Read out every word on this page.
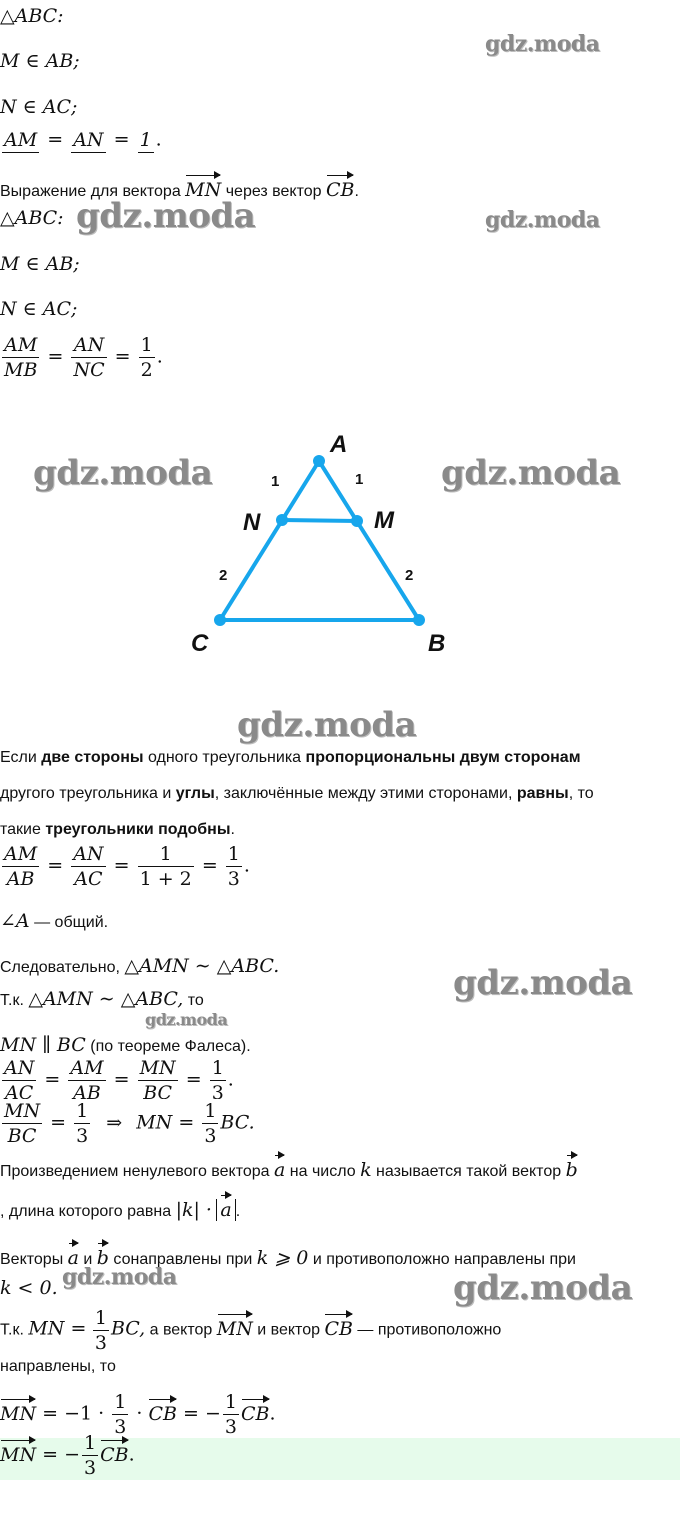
△ABC:
gdz.moda
M ∈ AB;
N ∈ AC;
AM = AN = 1 .
Выражение для вектора MN через вектор CB.
△ABC: gdz.moda	gdz.moda
M ∈ AB;
N ∈ AC;
$\frac{AM}{MB} = \frac{AN}{NC} = \frac{1}{2}$ .
gdz.moda	gdz.moda
A
B
C
M
N
1	1
2	2
gdz.moda
Если две стороны одного треугольника пропорциональны двум сторонам
другого треугольника и углы, заключённые между этими сторонами, равны, то
такие треугольники подобны.
$\frac{AM}{AB} = \frac{AN}{AC} = \frac{1}{1 + 2} = \frac{1}{3}$ .
∠A — общий.
Следовательно, △AMN ∼ △ABC.	gdz.moda
Т.к. △AMN ∼ △ABC, то
gdz.moda
MN ∥ BC (по теореме Фалеса).
$\frac{AN}{AC} = \frac{AM}{AB} = \frac{MN}{BC} = \frac{1}{3}$ .
$\frac{MN}{BC} = \frac{1}{3}$ ⇒ MN = $\frac{1}{3}$ BC.
Произведением ненулевого вектора a на число k называется такой вектор b
, длина которого равна |k| · a .
Векторы a и b сонаправлены при k ⩾ 0 и противоположно направлены при
k < 0. gdz.moda	gdz.moda
Т.к. MN = $\frac{1}{3}$ BC, а вектор MN и вектор CB — противоположно
направлены, то
MN = $-1 \cdot \frac{1}{3}$ · CB = − $\frac{1}{3}$ CB.
MN = − $\frac{1}{3}$ CB.
